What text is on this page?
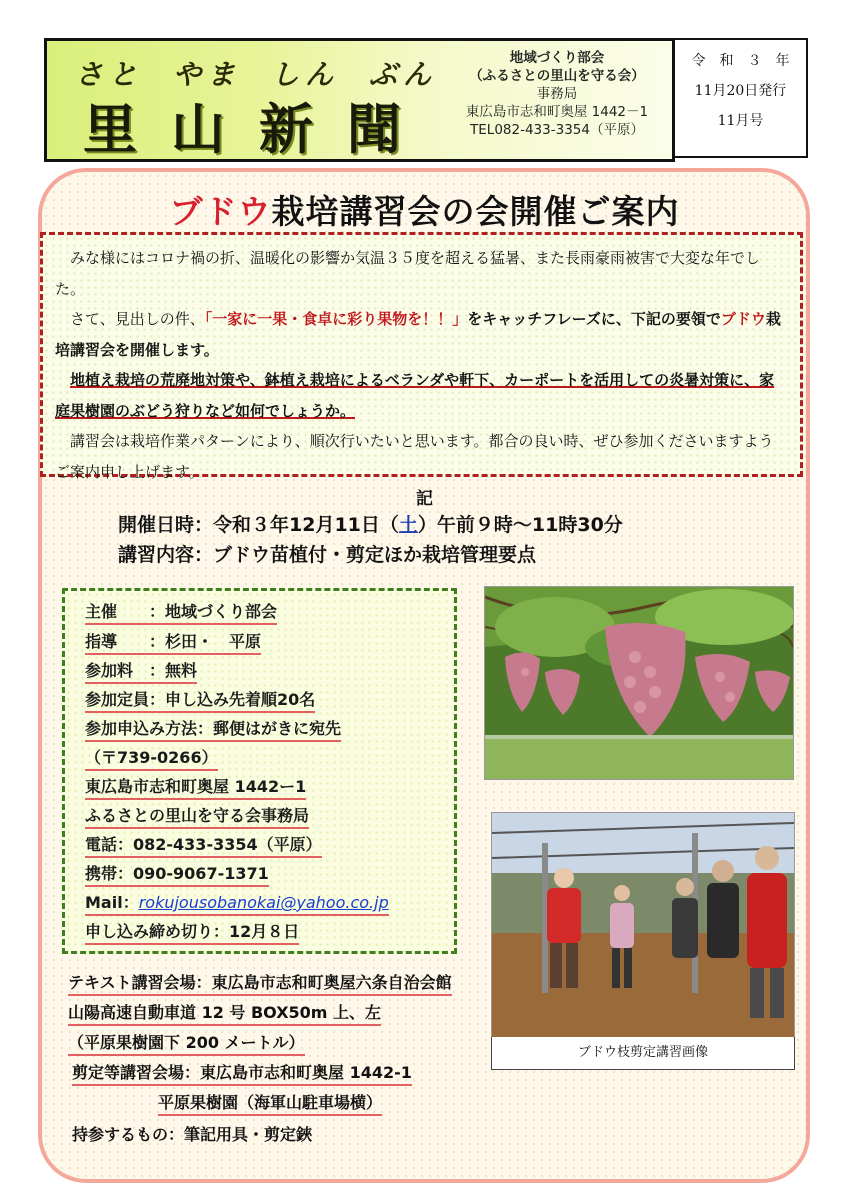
さと やま しん ぶん
里山新聞
地域づくり部会
（ふるさとの里山を守る会）
事務局
東広島市志和町奥屋 1442－1
TEL082-433-3354（平原）
令　和　３　年
11月20日発行
11月号
ブドウ栽培講習会の会開催ご案内

みな様にはコロナ禍の折、温暖化の影響か気温３５度を超える猛暑、また長雨豪雨被害で大変な年でした。

さて、見出しの件、「一家に一果・食卓に彩り果物を！！」をキャッチフレーズに、下記の要領でブドウ栽培講習会を開催します。

地植え栽培の荒廃地対策や、鉢植え栽培によるベランダや軒下、カーポートを活用しての炎暑対策に、家庭果樹園のぶどう狩りなど如何でしょうか。

講習会は栽培作業パターンにより、順次行いたいと思います。都合の良い時、ぜひ参加くださいますようご案内申し上げます。

記
開催日時：令和３年12月11日（土）午前９時～11時30分
講習内容：ブドウ苗植付・剪定ほか栽培管理要点
主催　　：地域づくり部会
指導　　：杉田・　平原
参加料　：無料
参加定員：申し込み先着順20名
参加申込み方法：郵便はがきに宛先
（〒739-0266）
東広島市志和町奥屋 1442ー1
ふるさとの里山を守る会事務局
電話：082-433-3354（平原）
携帯：090-9067-1371
Mail：rokujousobanokai@yahoo.co.jp
申し込み締め切り：12月８日
テキスト講習会場：東広島市志和町奥屋六条自治会館
山陽高速自動車道 12 号 BOX50m 上、左
（平原果樹園下 200 メートル）
剪定等講習会場：東広島市志和町奥屋 1442-1
平原果樹園（海軍山駐車場横）
持参するもの：筆記用具・剪定鋏
ブドウ枝剪定講習画像
